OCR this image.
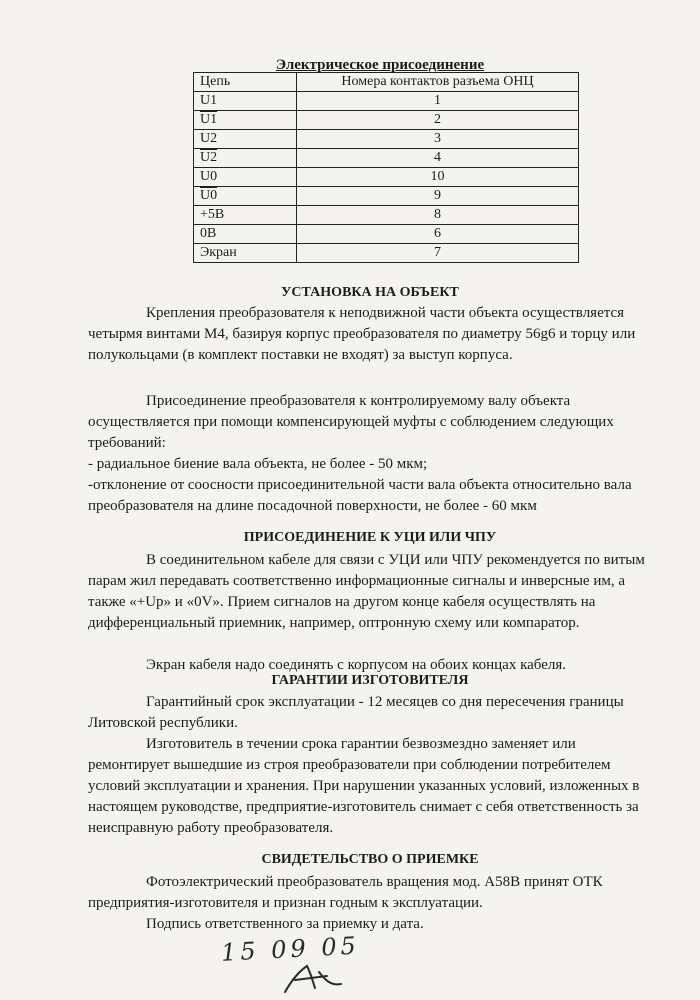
Электрическое присоединение
Цепь	Номера контактов разъема ОНЦ
U1	1
U1	2
U2	3
U2	4
U0	10
U0	9
+5В	8
0В	6
Экран	7
УСТАНОВКА НА ОБЪЕКТ

Крепления преобразователя к неподвижной части объекта осуществляется четырмя винтами М4, базируя корпус преобразователя по диаметру 56g6 и торцу или полукольцами (в комплект поставки не входят) за выступ корпуса.

Присоединение преобразователя к контролируемому валу объекта осуществляется при помощи компенсирующей муфты с соблюдением следующих требований:

- радиальное биение вала объекта, не более - 50 мкм;

-отклонение от соосности присоединительной части вала объекта относительно вала преобразователя на длине посадочной поверхности, не более - 60 мкм

ПРИСОЕДИНЕНИЕ К УЦИ ИЛИ ЧПУ

В соединительном кабеле для связи с УЦИ или ЧПУ рекомендуется по витым парам жил передавать соответственно информационные сигналы и инверсные им, а также «+Up» и «0V». Прием сигналов на другом конце кабеля осуществлять на дифференциальный приемник, например, оптронную схему или компаратор.

Экран кабеля надо соединять с корпусом на обоих концах кабеля.

ГАРАНТИИ ИЗГОТОВИТЕЛЯ

Гарантийный срок эксплуатации - 12 месяцев со дня пересечения границы Литовской республики.

Изготовитель в течении срока гарантии безвозмездно заменяет или ремонтирует вышедшие из строя преобразователи при соблюдении потребителем условий эксплуатации и хранения. При нарушении указанных условий, изложенных в настоящем руководстве, предприятие-изготовитель снимает с себя ответственность за неисправную работу преобразователя.

СВИДЕТЕЛЬСТВО О ПРИЕМКЕ

Фотоэлектрический преобразователь вращения мод. А58В принят ОТК предприятия-изготовителя и признан годным к эксплуатации.

Подпись ответственного за приемку и дата.

15 09 05
